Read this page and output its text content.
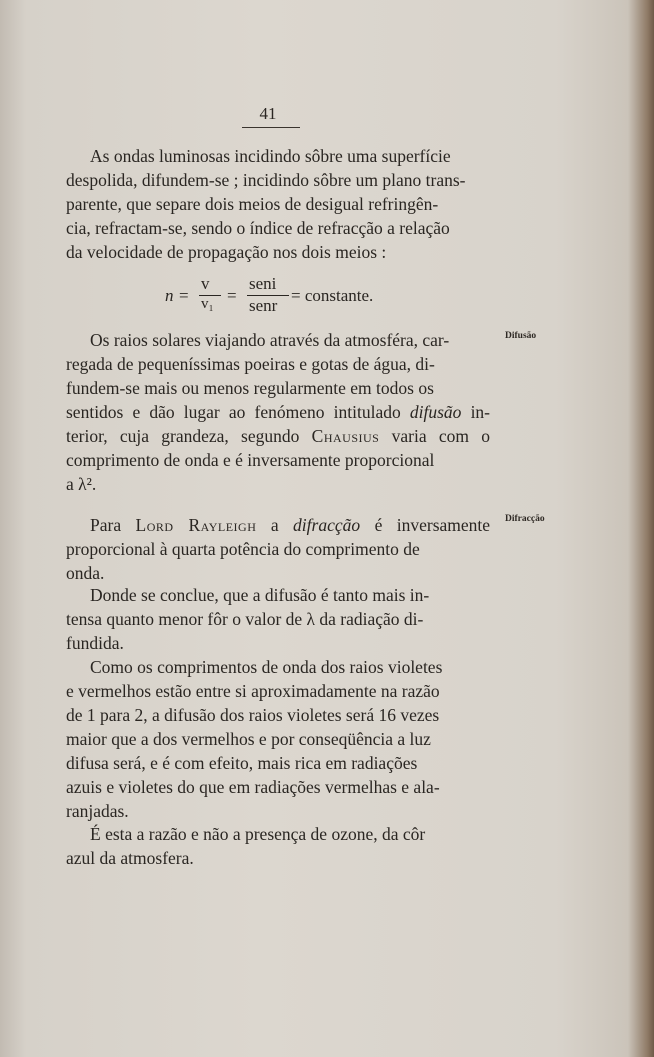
41

As ondas luminosas incidindo sôbre uma superfície

despolida, difundem-se ; incidindo sôbre um plano trans-
parente, que separe dois meios de desigual refringên-
cia, refractam-se, sendo o índice de refracção a relação
da velocidade de propagação nos dois meios :
n =
v
v₁ =
seni
senr
= constante.

Os raios solares viajando através da atmosféra, car-

regada de pequeníssimas poeiras e gotas de água, di-
fundem-se mais ou menos regularmente em todos os
sentidos e dão lugar ao fenómeno intitulado difusão in-
terior, cuja grandeza, segundo Chausius varia com o
comprimento de onda e é inversamente proporcional
a λ².
Difusão
Para Lord Rayleigh a difracção é inversamente
proporcional à quarta potência do comprimento de
onda.
Difracção

Donde se conclue, que a difusão é tanto mais in-

tensa quanto menor fôr o valor de λ da radiação di-
fundida.

Como os comprimentos de onda dos raios violetes

e vermelhos estão entre si aproximadamente na razão
de 1 para 2, a difusão dos raios violetes será 16 vezes
maior que a dos vermelhos e por conseqüência a luz
difusa será, e é com efeito, mais rica em radiações
azuis e violetes do que em radiações vermelhas e ala-
ranjadas.

É esta a razão e não a presença de ozone, da côr

azul da atmosfera.
